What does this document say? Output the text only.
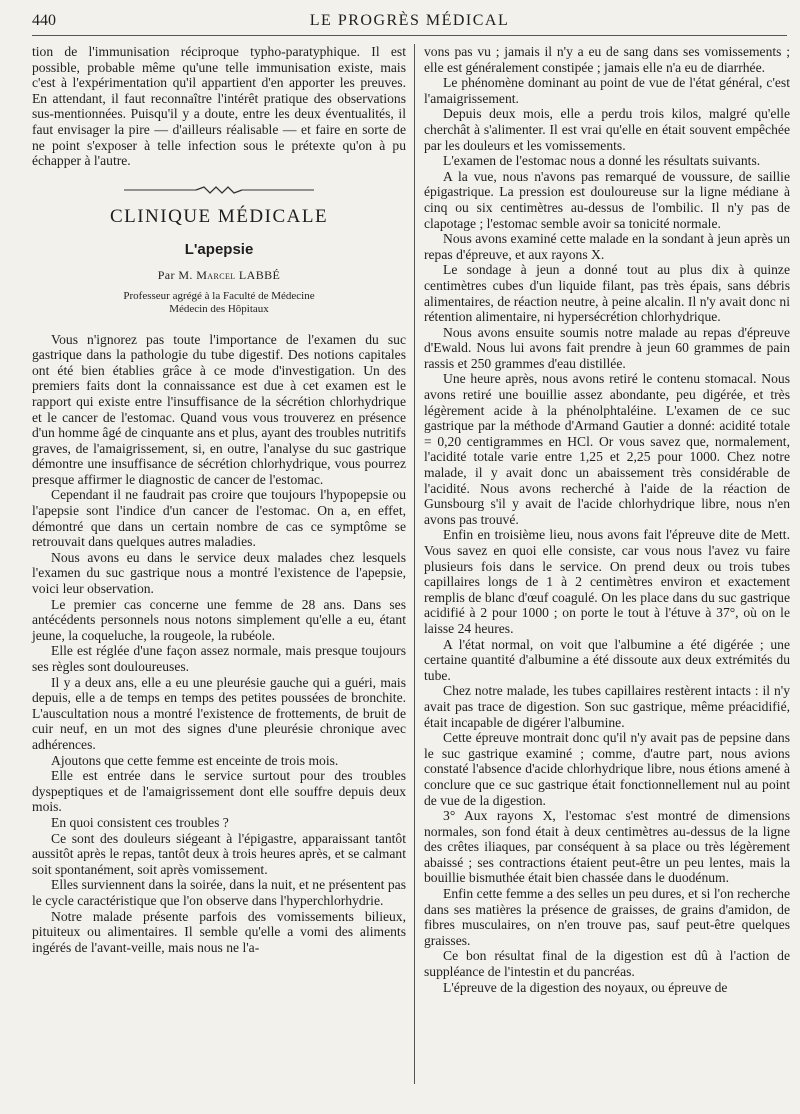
440	LE PROGRÈS MÉDICAL

tion de l'immunisation réciproque typho-paratyphique. Il est possible, probable même qu'une telle immunisation existe, mais c'est à l'expérimentation qu'il appartient d'en apporter les preuves. En attendant, il faut reconnaître l'intérêt pratique des observations sus-mentionnées. Puisqu'il y a doute, entre les deux éventualités, il faut envisager la pire — d'ailleurs réalisable — et faire en sorte de ne point s'exposer à telle infection sous le prétexte qu'on à pu échapper à l'autre.

CLINIQUE MÉDICALE
L'apepsie
Par M. Marcel LABBÉ
Professeur agrégé à la Faculté de Médecine
Médecin des Hôpitaux

Vous n'ignorez pas toute l'importance de l'examen du suc gastrique dans la pathologie du tube digestif. Des notions capitales ont été bien établies grâce à ce mode d'investigation. Un des premiers faits dont la connaissance est due à cet examen est le rapport qui existe entre l'insuffisance de la sécrétion chlorhydrique et le cancer de l'estomac. Quand vous vous trouverez en présence d'un homme âgé de cinquante ans et plus, ayant des troubles nutritifs graves, de l'amaigrissement, si, en outre, l'analyse du suc gastrique démontre une insuffisance de sécrétion chlorhydrique, vous pourrez presque affirmer le diagnostic de cancer de l'estomac.

Cependant il ne faudrait pas croire que toujours l'hypopepsie ou l'apepsie sont l'indice d'un cancer de l'estomac. On a, en effet, démontré que dans un certain nombre de cas ce symptôme se retrouvait dans quelques autres maladies.

Nous avons eu dans le service deux malades chez lesquels l'examen du suc gastrique nous a montré l'existence de l'apepsie, voici leur observation.

Le premier cas concerne une femme de 28 ans. Dans ses antécédents personnels nous notons simplement qu'elle a eu, étant jeune, la coqueluche, la rougeole, la rubéole.

Elle est réglée d'une façon assez normale, mais presque toujours ses règles sont douloureuses.

Il y a deux ans, elle a eu une pleurésie gauche qui a guéri, mais depuis, elle a de temps en temps des petites poussées de bronchite. L'auscultation nous a montré l'existence de frottements, de bruit de cuir neuf, en un mot des signes d'une pleurésie chronique avec adhérences.

Ajoutons que cette femme est enceinte de trois mois.

Elle est entrée dans le service surtout pour des troubles dyspeptiques et de l'amaigrissement dont elle souffre depuis deux mois.

En quoi consistent ces troubles ?

Ce sont des douleurs siégeant à l'épigastre, apparaissant tantôt aussitôt après le repas, tantôt deux à trois heures après, et se calmant soit spontanément, soit après vomissement.

Elles surviennent dans la soirée, dans la nuit, et ne présentent pas le cycle caractéristique que l'on observe dans l'hyperchlorhydrie.

Notre malade présente parfois des vomissements bilieux, pituiteux ou alimentaires. Il semble qu'elle a vomi des aliments ingérés de l'avant-veille, mais nous ne l'a-

vons pas vu ; jamais il n'y a eu de sang dans ses vomissements ; elle est généralement constipée ; jamais elle n'a eu de diarrhée.

Le phénomène dominant au point de vue de l'état général, c'est l'amaigrissement.

Depuis deux mois, elle a perdu trois kilos, malgré qu'elle cherchât à s'alimenter. Il est vrai qu'elle en était souvent empêchée par les douleurs et les vomissements.

L'examen de l'estomac nous a donné les résultats suivants.

A la vue, nous n'avons pas remarqué de voussure, de saillie épigastrique. La pression est douloureuse sur la ligne médiane à cinq ou six centimètres au-dessus de l'ombilic. Il n'y pas de clapotage ; l'estomac semble avoir sa tonicité normale.

Nous avons examiné cette malade en la sondant à jeun après un repas d'épreuve, et aux rayons X.

Le sondage à jeun a donné tout au plus dix à quinze centimètres cubes d'un liquide filant, pas très épais, sans débris alimentaires, de réaction neutre, à peine alcalin. Il n'y avait donc ni rétention alimentaire, ni hypersécrétion chlorhydrique.

Nous avons ensuite soumis notre malade au repas d'épreuve d'Ewald. Nous lui avons fait prendre à jeun 60 grammes de pain rassis et 250 grammes d'eau distillée.

Une heure après, nous avons retiré le contenu stomacal. Nous avons retiré une bouillie assez abondante, peu digérée, et très légèrement acide à la phénolphtaléine. L'examen de ce suc gastrique par la méthode d'Armand Gautier a donné: acidité totale = 0,20 centigrammes en HCl. Or vous savez que, normalement, l'acidité totale varie entre 1,25 et 2,25 pour 1000. Chez notre malade, il y avait donc un abaissement très considérable de l'acidité. Nous avons recherché à l'aide de la réaction de Gunsbourg s'il y avait de l'acide chlorhydrique libre, nous n'en avons pas trouvé.

Enfin en troisième lieu, nous avons fait l'épreuve dite de Mett. Vous savez en quoi elle consiste, car vous nous l'avez vu faire plusieurs fois dans le service. On prend deux ou trois tubes capillaires longs de 1 à 2 centimètres environ et exactement remplis de blanc d'œuf coagulé. On les place dans du suc gastrique acidifié à 2 pour 1000 ; on porte le tout à l'étuve à 37°, où on le laisse 24 heures.

A l'état normal, on voit que l'albumine a été digérée ; une certaine quantité d'albumine a été dissoute aux deux extrémités du tube.

Chez notre malade, les tubes capillaires restèrent intacts : il n'y avait pas trace de digestion. Son suc gastrique, même préacidifié, était incapable de digérer l'albumine.

Cette épreuve montrait donc qu'il n'y avait pas de pepsine dans le suc gastrique examiné ; comme, d'autre part, nous avions constaté l'absence d'acide chlorhydrique libre, nous étions amené à conclure que ce suc gastrique était fonctionnellement nul au point de vue de la digestion.

3° Aux rayons X, l'estomac s'est montré de dimensions normales, son fond était à deux centimètres au-dessus de la ligne des crêtes iliaques, par conséquent à sa place ou très légèrement abaissé ; ses contractions étaient peut-être un peu lentes, mais la bouillie bismuthée était bien chassée dans le duodénum.

Enfin cette femme a des selles un peu dures, et si l'on recherche dans ses matières la présence de graisses, de grains d'amidon, de fibres musculaires, on n'en trouve pas, sauf peut-être quelques graisses.

Ce bon résultat final de la digestion est dû à l'action de suppléance de l'intestin et du pancréas.

L'épreuve de la digestion des noyaux, ou épreuve de
